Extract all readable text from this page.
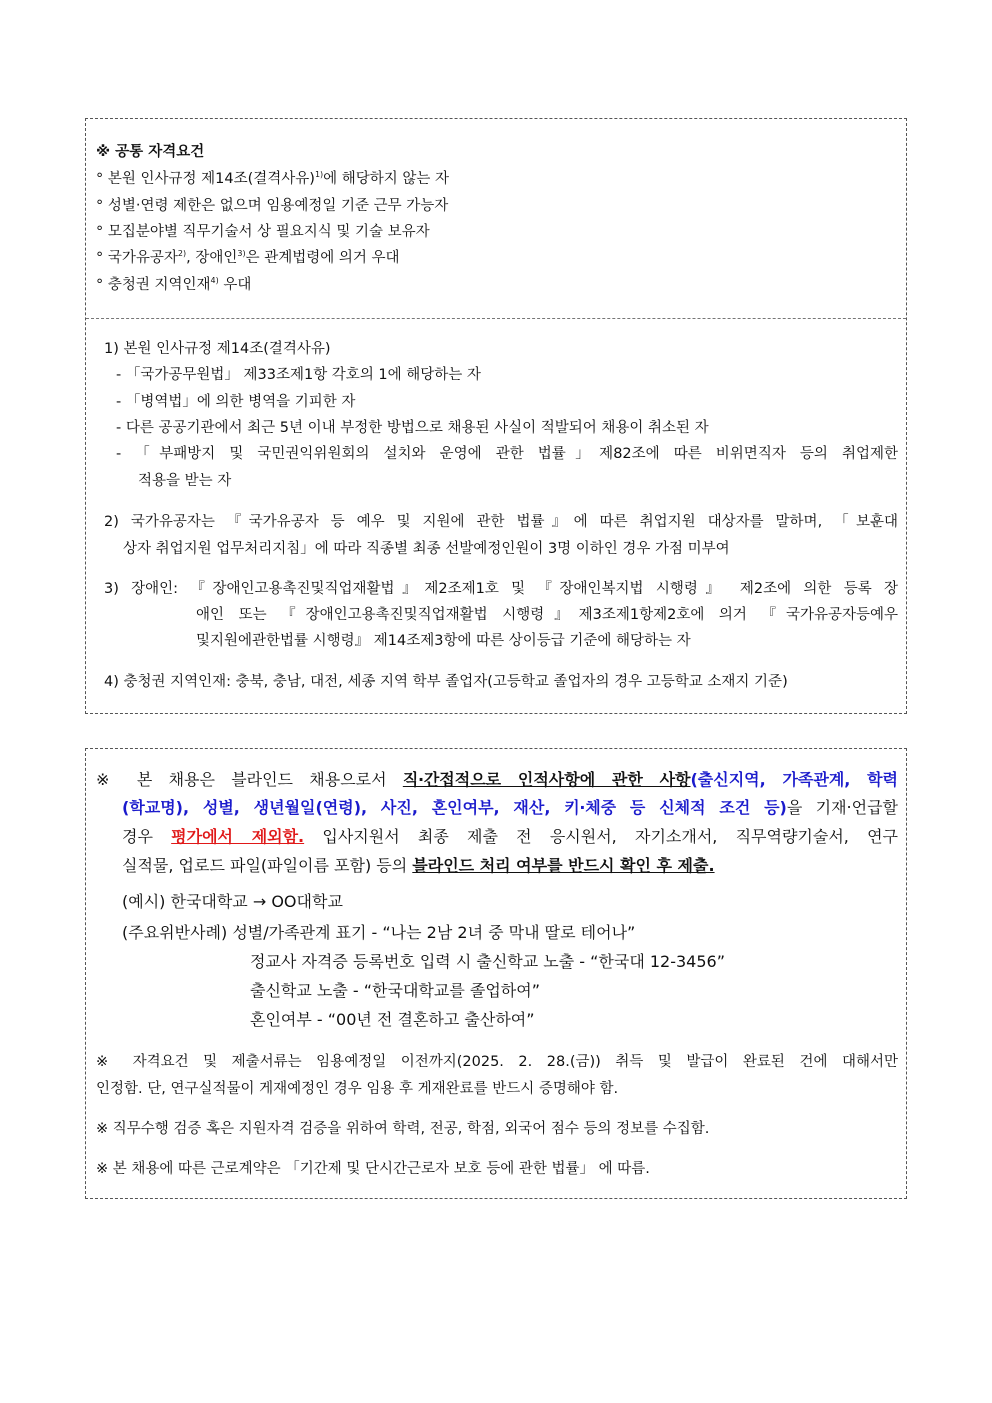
※ 공통 자격요건
° 본원 인사규정 제14조(결격사유)$^{1)}$에 해당하지 않는 자
° 성별‧연령 제한은 없으며 임용예정일 기준 근무 가능자
° 모집분야별 직무기술서 상 필요지식 및 기술 보유자
° 국가유공자$^{2)}$, 장애인$^{3)}$은 관계법령에 의거 우대
° 충청권 지역인재$^{4)}$ 우대
1) 본원 인사규정 제14조(결격사유)
- 「국가공무원법」 제33조제1항 각호의 1에 해당하는 자
- 「병역법」에 의한 병역을 기피한 자
- 다른 공공기관에서 최근 5년 이내 부정한 방법으로 채용된 사실이 적발되어 채용이 취소된 자
- 「부패방지 및 국민권익위원회의 설치와 운영에 관한 법률」제82조에 따른 비위면직자 등의 취업제한
적용을 받는 자
2) 국가유공자는 『국가유공자 등 예우 및 지원에 관한 법률』에 따른 취업지원 대상자를 말하며, 「보훈대
상자 취업지원 업무처리지침」에 따라 직종별 최종 선발예정인원이 3명 이하인 경우 가점 미부여
3) 장애인: 『장애인고용촉진및직업재활법』제2조제1호 및 『장애인복지법 시행령』 제2조에 의한 등록 장
애인 또는 『장애인고용촉진및직업재활법 시행령』제3조제1항제2호에 의거 『국가유공자등예우
및지원에관한법률 시행령』 제14조제3항에 따른 상이등급 기준에 해당하는 자
4) 충청권 지역인재: 충북, 충남, 대전, 세종 지역 학부 졸업자(고등학교 졸업자의 경우 고등학교 소재지 기준)
※ 본 채용은 블라인드 채용으로서 직‧간접적으로 인적사항에 관한 사항(출신지역, 가족관계, 학력
(학교명), 성별, 생년월일(연령), 사진, 혼인여부, 재산, 키‧체중 등 신체적 조건 등)을 기재‧언급할
경우 평가에서 제외함. 입사지원서 최종 제출 전 응시원서, 자기소개서, 직무역량기술서, 연구
실적물, 업로드 파일(파일이름 포함) 등의 블라인드 처리 여부를 반드시 확인 후 제출.
(예시) 한국대학교 → OO대학교
(주요위반사례) 성별/가족관계 표기 - “나는 2남 2녀 중 막내 딸로 테어나”
정교사 자격증 등록번호 입력 시 출신학교 노출 - “한국대 12-3456”
출신학교 노출 - “한국대학교를 졸업하여”
혼인여부 - “00년 전 결혼하고 출산하여”
※ 자격요건 및 제출서류는 임용예정일 이전까지(2025. 2. 28.(금)) 취득 및 발급이 완료된 건에 대해서만
인정함. 단, 연구실적물이 게재예정인 경우 임용 후 게재완료를 반드시 증명해야 함.
※ 직무수행 검증 혹은 지원자격 검증을 위하여 학력, 전공, 학점, 외국어 점수 등의 정보를 수집함.
※ 본 채용에 따른 근로계약은 「기간제 및 단시간근로자 보호 등에 관한 법률」 에 따름.
